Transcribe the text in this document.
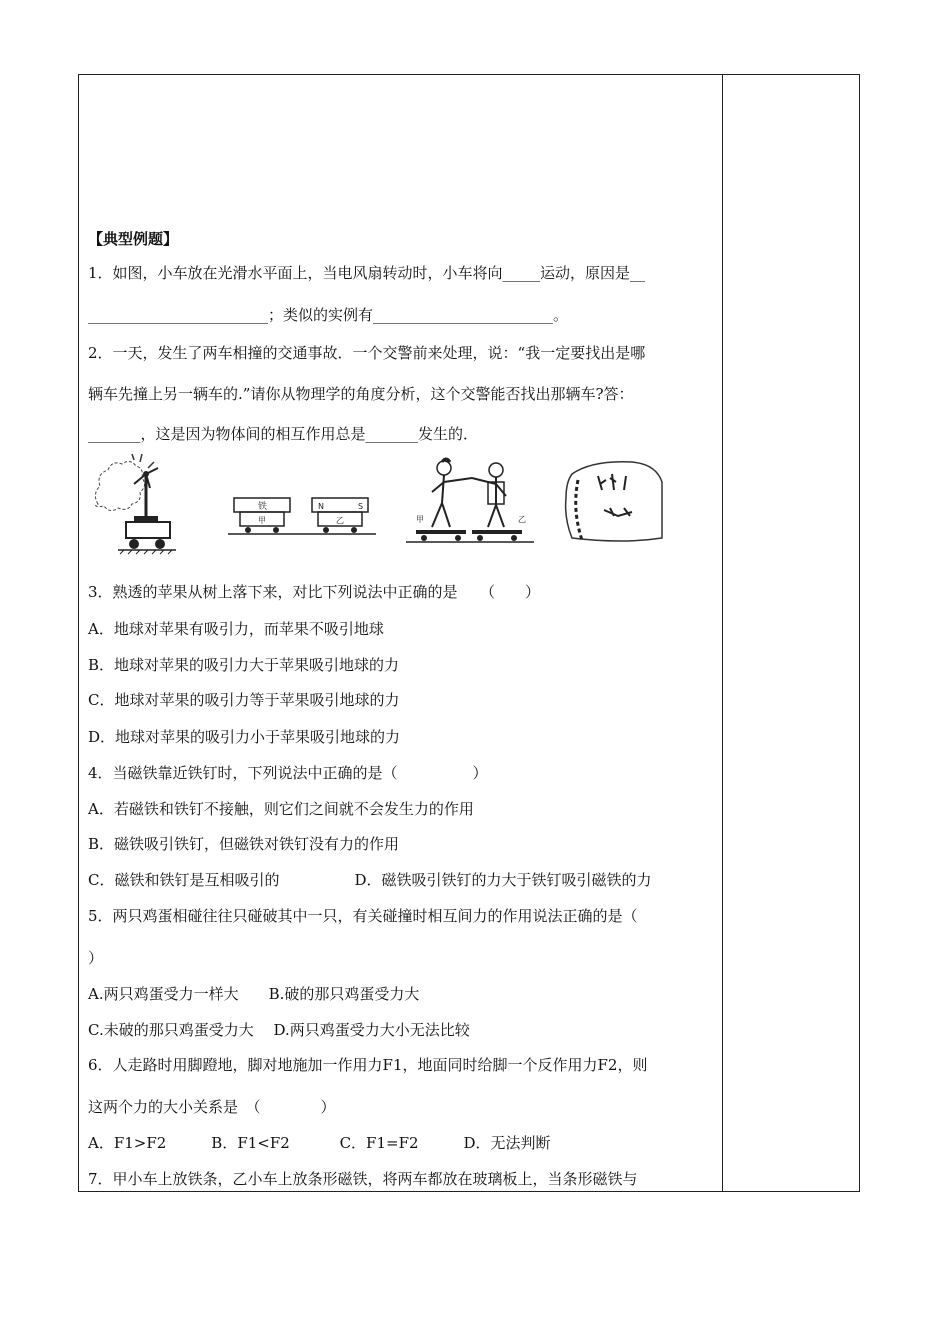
【典型例题】
1．如图，小车放在光滑水平面上，当电风扇转动时，小车将向_____运动，原因是__
________________________；类似的实例有________________________。
2．一天，发生了两车相撞的交通事故．一个交警前来处理，说：“我一定要找出是哪
辆车先撞上另一辆车的.”请你从物理学的角度分析，这个交警能否找出那辆车?答：
_______，这是因为物体间的相互作用总是_______发生的．
3．熟透的苹果从树上落下来，对比下列说法中正确的是　　（　　）
A．地球对苹果有吸引力，而苹果不吸引地球
B．地球对苹果的吸引力大于苹果吸引地球的力
C．地球对苹果的吸引力等于苹果吸引地球的力
D．地球对苹果的吸引力小于苹果吸引地球的力
4．当磁铁靠近铁钉时，下列说法中正确的是（　　　　　）
A．若磁铁和铁钉不接触，则它们之间就不会发生力的作用
B．磁铁吸引铁钉，但磁铁对铁钉没有力的作用
C．磁铁和铁钉是互相吸引的　　　　　D．磁铁吸引铁钉的力大于铁钉吸引磁铁的力
5．两只鸡蛋相碰往往只碰破其中一只，有关碰撞时相互间力的作用说法正确的是（
）
A.两只鸡蛋受力一样大　　B.破的那只鸡蛋受力大
C.未破的那只鸡蛋受力大　 D.两只鸡蛋受力大小无法比较
6．人走路时用脚蹬地，脚对地施加一作用力F1，地面同时给脚一个反作用力F2，则
这两个力的大小关系是　（　　　　）
A．F1>F2　　　B．F1<F2　　　 C．F1=F2　　　D．无法判断
7．甲小车上放铁条，乙小车上放条形磁铁，将两车都放在玻璃板上，当条形磁铁与
铁
甲
N	S
乙	甲	乙
